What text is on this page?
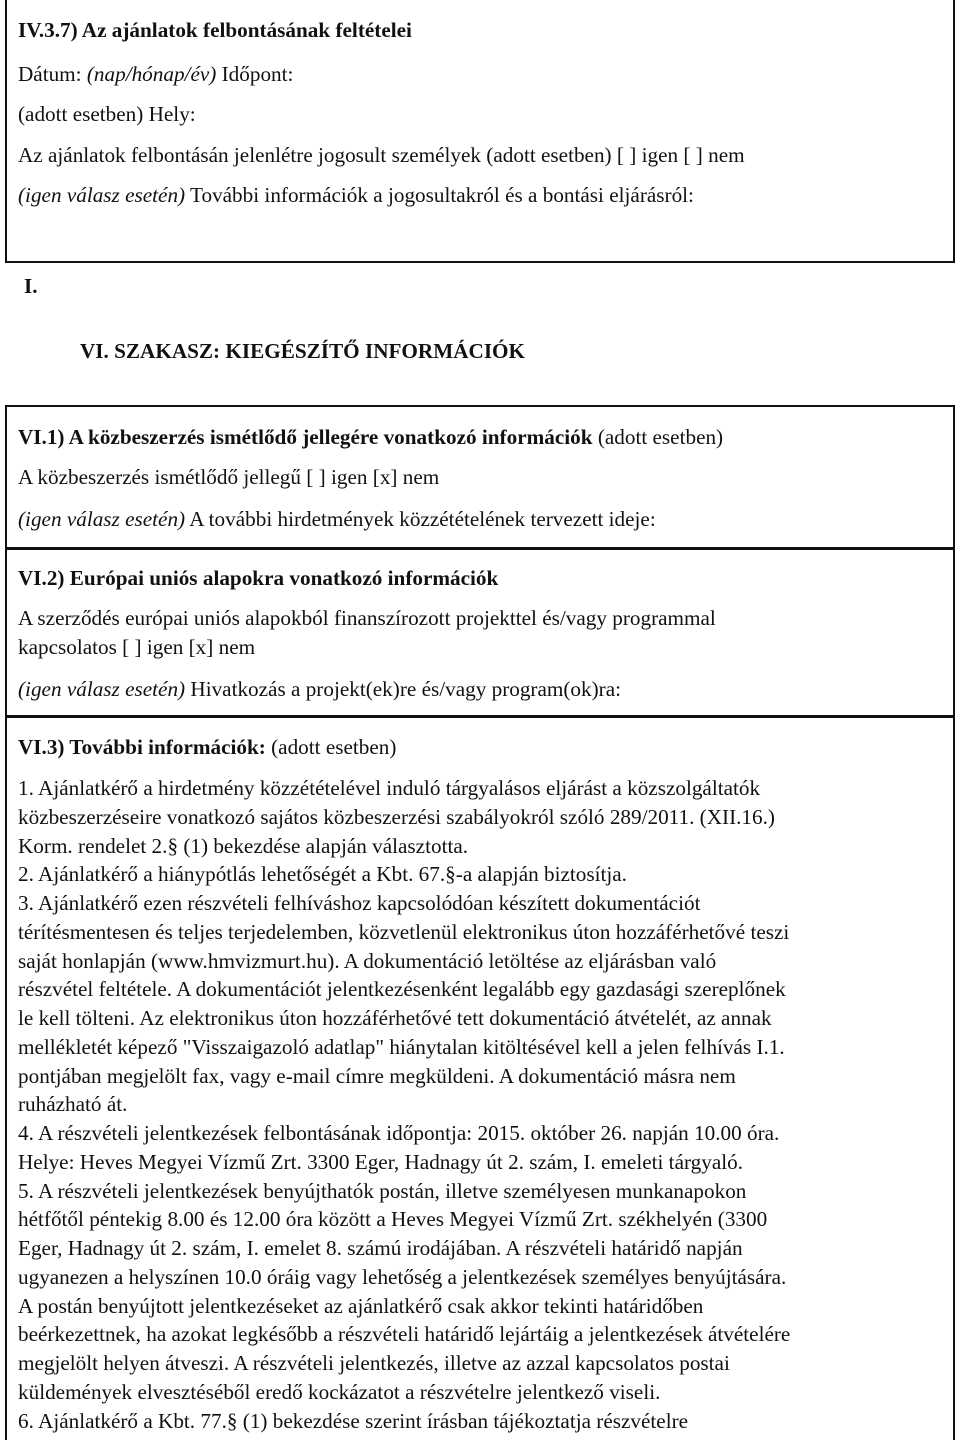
IV.3.7) Az ajánlatok felbontásának feltételei
Dátum: (nap/hónap/év) Időpont:
(adott esetben) Hely:
Az ajánlatok felbontásán jelenlétre jogosult személyek (adott esetben) [ ] igen [ ] nem
(igen válasz esetén) További információk a jogosultakról és a bontási eljárásról:
I.
VI. SZAKASZ: KIEGÉSZÍTŐ INFORMÁCIÓK
VI.1) A közbeszerzés ismétlődő jellegére vonatkozó információk (adott esetben)
A közbeszerzés ismétlődő jellegű [ ] igen [x] nem
(igen válasz esetén) A további hirdetmények közzétételének tervezett ideje:
VI.2) Európai uniós alapokra vonatkozó információk
A szerződés európai uniós alapokból finanszírozott projekttel és/vagy programmal
kapcsolatos [ ] igen [x] nem
(igen válasz esetén) Hivatkozás a projekt(ek)re és/vagy program(ok)ra:
VI.3) További információk: (adott esetben)
1. Ajánlatkérő a hirdetmény közzétételével induló tárgyalásos eljárást a közszolgáltatók
közbeszerzéseire vonatkozó sajátos közbeszerzési szabályokról szóló 289/2011. (XII.16.)
Korm. rendelet 2.§ (1) bekezdése alapján választotta.
2. Ajánlatkérő a hiánypótlás lehetőségét a Kbt. 67.§-a alapján biztosítja.
3. Ajánlatkérő ezen részvételi felhíváshoz kapcsolódóan készített dokumentációt
térítésmentesen és teljes terjedelemben, közvetlenül elektronikus úton hozzáférhetővé teszi
saját honlapján (www.hmvizmurt.hu). A dokumentáció letöltése az eljárásban való
részvétel feltétele. A dokumentációt jelentkezésenként legalább egy gazdasági szereplőnek
le kell tölteni. Az elektronikus úton hozzáférhetővé tett dokumentáció átvételét, az annak
mellékletét képező "Visszaigazoló adatlap" hiánytalan kitöltésével kell a jelen felhívás I.1.
pontjában megjelölt fax, vagy e-mail címre megküldeni. A dokumentáció másra nem
ruházható át.
4. A részvételi jelentkezések felbontásának időpontja: 2015. október 26. napján 10.00 óra.
Helye: Heves Megyei Vízmű Zrt. 3300 Eger, Hadnagy út 2. szám, I. emeleti tárgyaló.
5. A részvételi jelentkezések benyújthatók postán, illetve személyesen munkanapokon
hétfőtől péntekig 8.00 és 12.00 óra között a Heves Megyei Vízmű Zrt. székhelyén (3300
Eger, Hadnagy út 2. szám, I. emelet 8. számú irodájában. A részvételi határidő napján
ugyanezen a helyszínen 10.0 óráig vagy lehetőség a jelentkezések személyes benyújtására.
A postán benyújtott jelentkezéseket az ajánlatkérő csak akkor tekinti határidőben
beérkezettnek, ha azokat legkésőbb a részvételi határidő lejártáig a jelentkezések átvételére
megjelölt helyen átveszi. A részvételi jelentkezés, illetve az azzal kapcsolatos postai
küldemények elvesztéséből eredő kockázatot a részvételre jelentkező viseli.
6. Ajánlatkérő a Kbt. 77.§ (1) bekezdése szerint írásban tájékoztatja részvételre
